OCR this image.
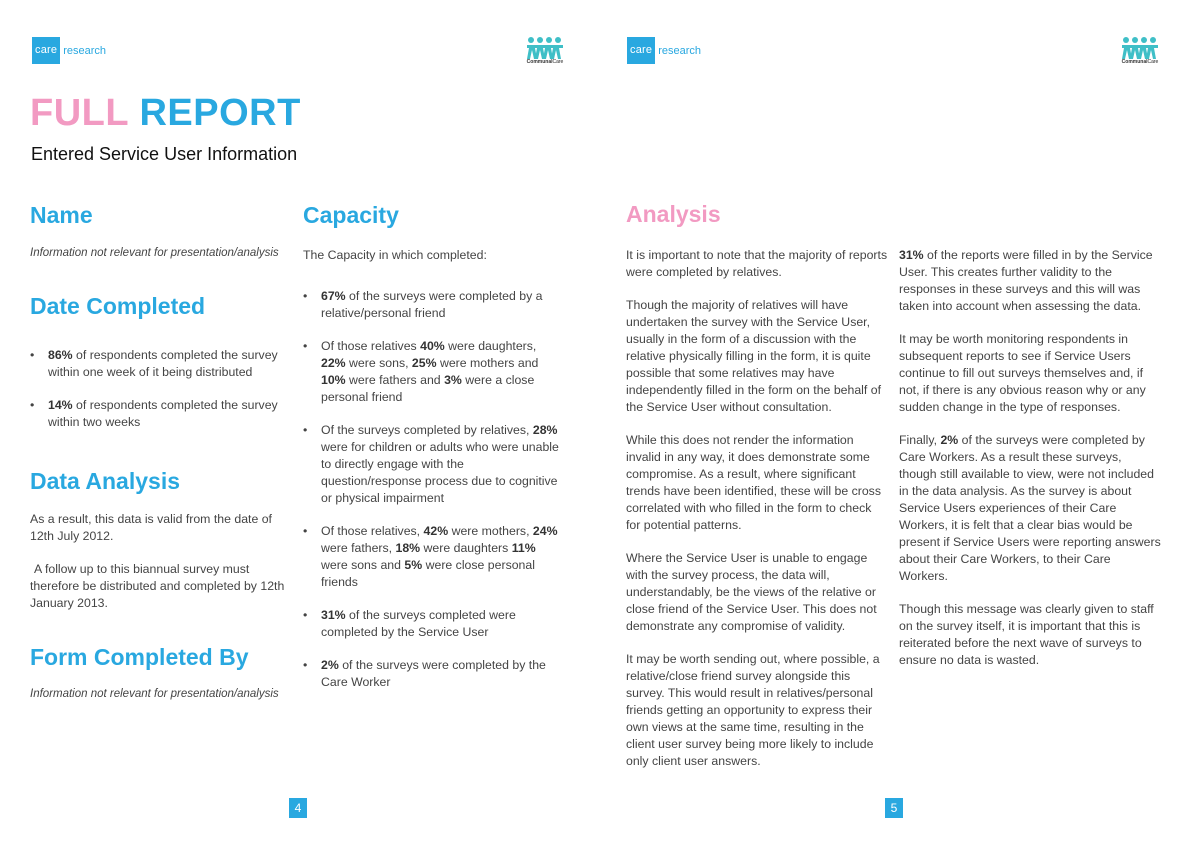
care research
CommunalCare
FULL REPORT
Entered Service User Information
Name
Information not relevant for presentation/analysis
Date Completed
• 86% of respondents completed the survey within one week of it being distributed
• 14% of respondents completed the survey within two weeks
Data Analysis

As a result, this data is valid from the date of 12th July 2012.

A follow up to this biannual survey must therefore be distributed and completed by 12th January 2013.

Form Completed By
Information not relevant for presentation/analysis
Capacity
The Capacity in which completed:
• 67% of the surveys were completed by a relative/personal friend
• Of those relatives 40% were daughters, 22% were sons, 25% were mothers and 10% were fathers and 3% were a close personal friend
• Of the surveys completed by relatives, 28% were for children or adults who were unable to directly engage with the question/response process due to cognitive or physical impairment
• Of those relatives, 42% were mothers, 24% were fathers, 18% were daughters 11% were sons and 5% were close personal friends
• 31% of the surveys completed were completed by the Service User
• 2% of the surveys were completed by the Care Worker
4
care research
CommunalCare
Analysis

It is important to note that the majority of reports were completed by relatives.

Though the majority of relatives will have undertaken the survey with the Service User, usually in the form of a discussion with the relative physically filling in the form, it is quite possible that some relatives may have independently filled in the form on the behalf of the Service User without consultation.

While this does not render the information invalid in any way, it does demonstrate some compromise. As a result, where significant trends have been identified, these will be cross correlated with who filled in the form to check for potential patterns.

Where the Service User is unable to engage with the survey process, the data will, understandably, be the views of the relative or close friend of the Service User. This does not demonstrate any compromise of validity.

It may be worth sending out, where possible, a relative/close friend survey alongside this survey. This would result in relatives/personal friends getting an opportunity to express their own views at the same time, resulting in the client user survey being more likely to include only client user answers.

31% of the reports were filled in by the Service User. This creates further validity to the responses in these surveys and this will was taken into account when assessing the data.

It may be worth monitoring respondents in subsequent reports to see if Service Users continue to fill out surveys themselves and, if not, if there is any obvious reason why or any sudden change in the type of responses.

Finally, 2% of the surveys were completed by Care Workers. As a result these surveys, though still available to view, were not included in the data analysis. As the survey is about Service Users experiences of their Care Workers, it is felt that a clear bias would be present if Service Users were reporting answers about their Care Workers, to their Care Workers.

Though this message was clearly given to staff on the survey itself, it is important that this is reiterated before the next wave of surveys to ensure no data is wasted.

5
